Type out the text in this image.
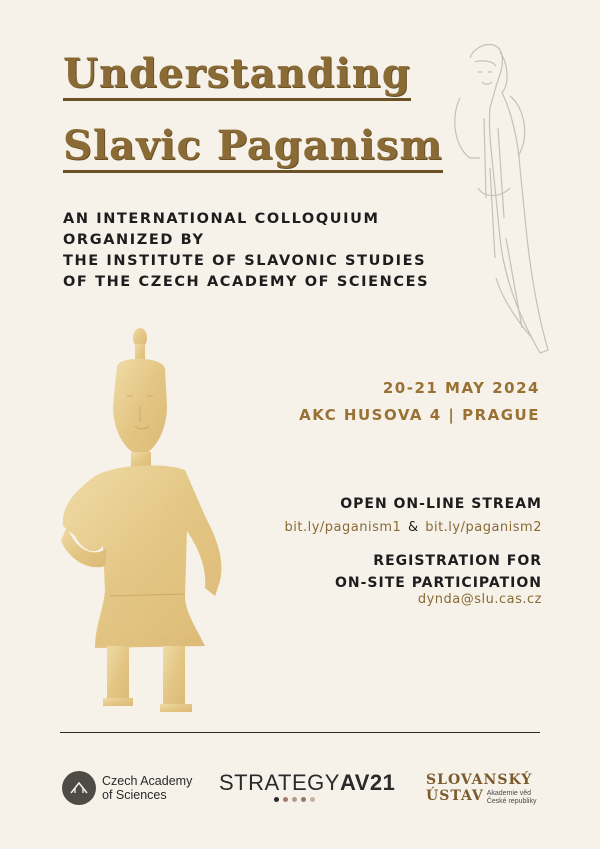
Understanding
Slavic Paganism
AN INTERNATIONAL COLLOQUIUM
ORGANIZED BY
THE INSTITUTE OF SLAVONIC STUDIES
OF THE CZECH ACADEMY OF SCIENCES
20-21 MAY 2024
AKC HUSOVA 4 | PRAGUE
OPEN ON-LINE STREAM
bit.ly/paganism1 & bit.ly/paganism2
REGISTRATION FOR
ON-SITE PARTICIPATION
dynda@slu.cas.cz
Czech Academy
of Sciences	STRATEGYAV21 SLOVANSKÝ
ÚSTAV Akademie věd
České republiky
